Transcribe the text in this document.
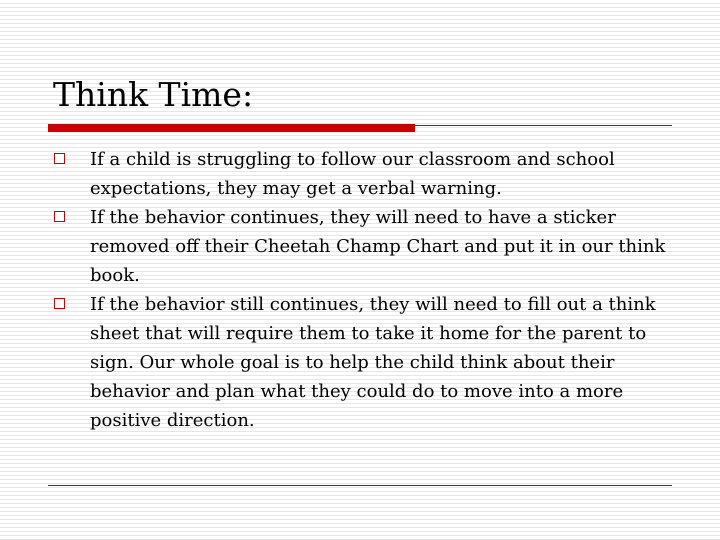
Think Time:
If a child is struggling to follow our classroom and school expectations, they may get a verbal warning.
If the behavior continues, they will need to have a sticker removed off their Cheetah Champ Chart and put it in our think book.
If the behavior still continues, they will need to fill out a think sheet that will require them to take it home for the parent to sign. Our whole goal is to help the child think about their behavior and plan what they could do to move into a more positive direction.
